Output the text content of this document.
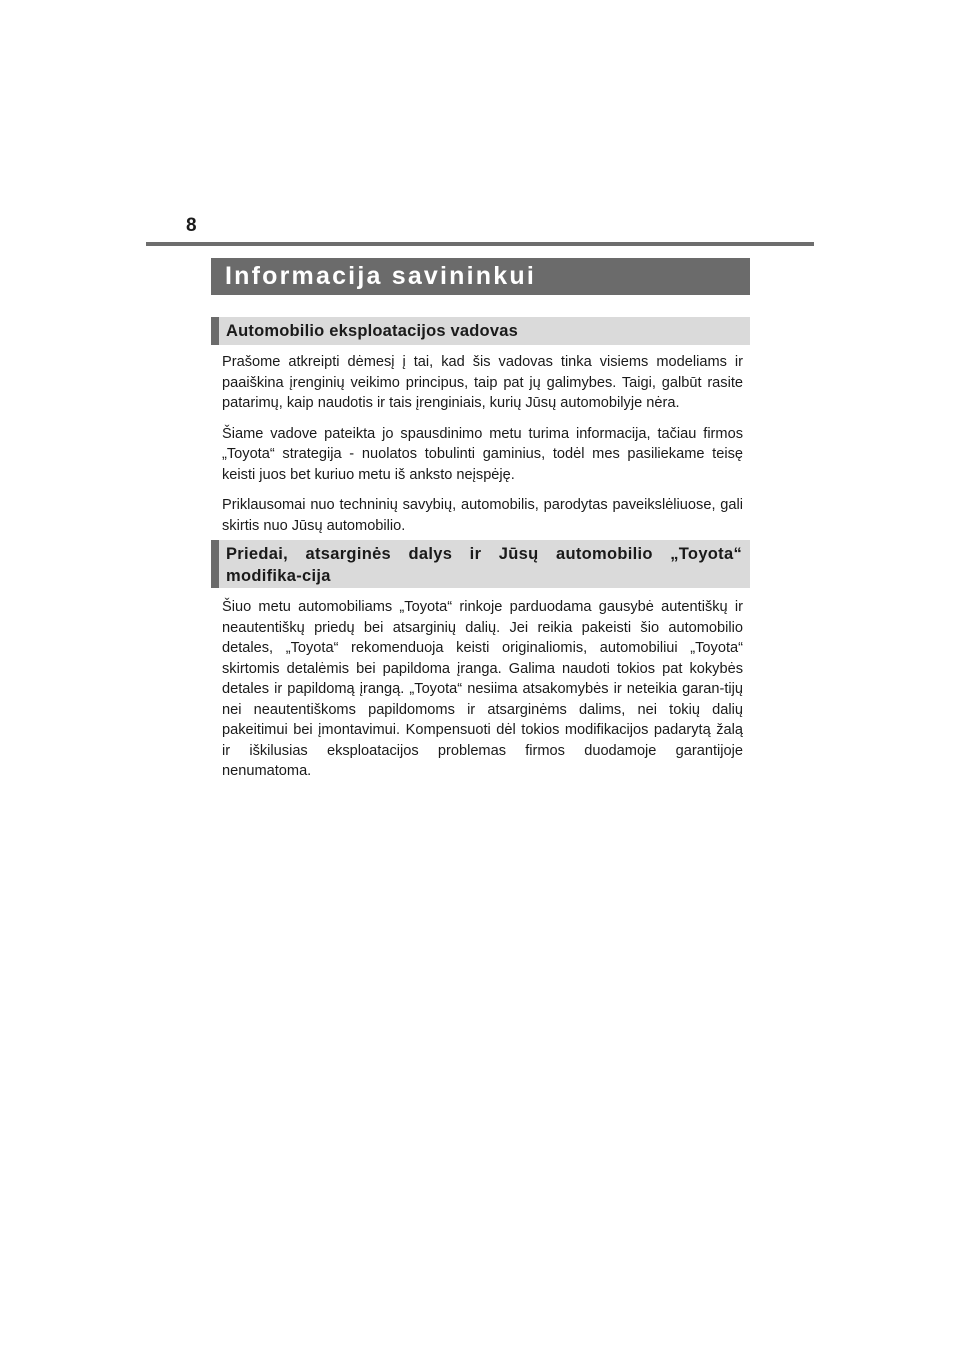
8
Informacija savininkui
Automobilio eksploatacijos vadovas

Prašome atkreipti dėmesį į tai, kad šis vadovas tinka visiems modeliams ir paaiškina įrenginių veikimo principus, taip pat jų galimybes. Taigi, galbūt rasite patarimų, kaip naudotis ir tais įrenginiais, kurių Jūsų automobilyje nėra.

Šiame vadove pateikta jo spausdinimo metu turima informacija, tačiau firmos „Toyota“ strategija - nuolatos tobulinti gaminius, todėl mes pasiliekame teisę keisti juos bet kuriuo metu iš anksto neįspėję.

Priklausomai nuo techninių savybių, automobilis, parodytas paveikslėliuose, gali skirtis nuo Jūsų automobilio.

Priedai, atsarginės dalys ir Jūsų automobilio „Toyota“ modifika-cija

Šiuo metu automobiliams „Toyota“ rinkoje parduodama gausybė autentiškų ir neautentiškų priedų bei atsarginių dalių. Jei reikia pakeisti šio automobilio detales, „Toyota“ rekomenduoja keisti originaliomis, automobiliui „Toyota“ skirtomis detalėmis bei papildoma įranga. Galima naudoti tokios pat kokybės detales ir papildomą įrangą. „Toyota“ nesiima atsakomybės ir neteikia garan-tijų nei neautentiškoms papildomoms ir atsarginėms dalims, nei tokių dalių pakeitimui bei įmontavimui. Kompensuoti dėl tokios modifikacijos padarytą žalą ir iškilusias eksploatacijos problemas firmos duodamoje garantijoje nenumatoma.
